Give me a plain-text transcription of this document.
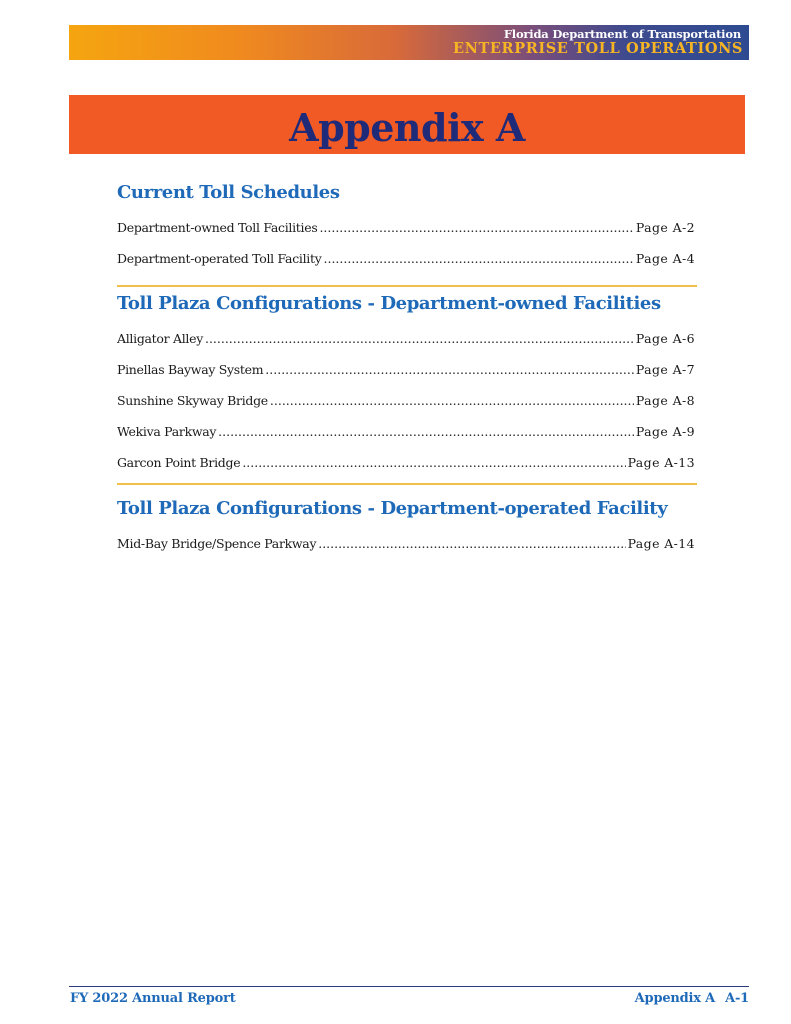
Florida Department of Transportation
ENTERPRISE TOLL OPERATIONS
Appendix A
Current Toll Schedules
Department-owned Toll Facilities .....	Page A-2
Department-operated Toll Facility .....	Page A-4
Toll Plaza Configurations - Department-owned Facilities
Alligator Alley .....	Page A-6
Pinellas Bayway System .....	Page A-7
Sunshine Skyway Bridge .....	Page A-8
Wekiva Parkway .....	Page A-9
Garcon Point Bridge .....	Page A-13
Toll Plaza Configurations - Department-operated Facility
Mid-Bay Bridge/Spence Parkway .....	Page A-14
FY 2022 Annual Report	Appendix A A-1
